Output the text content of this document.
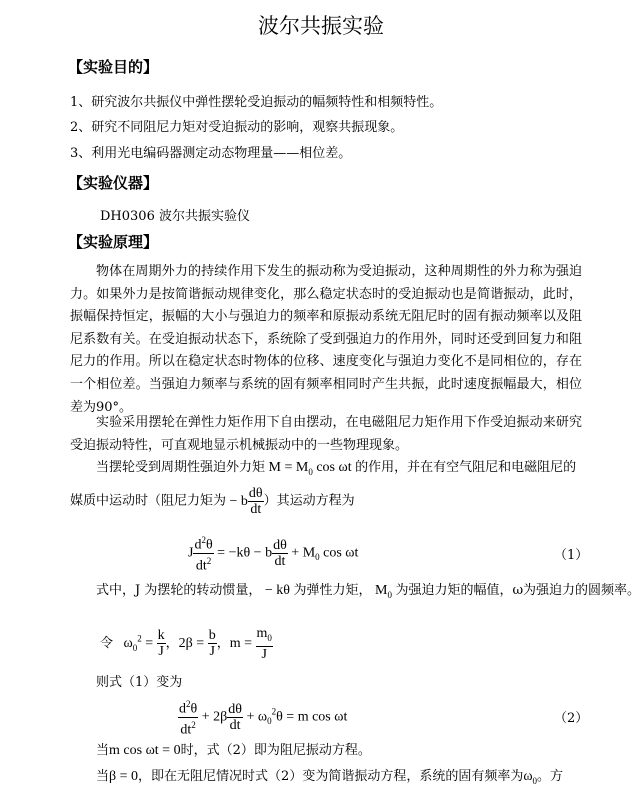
波尔共振实验
【实验目的】
1、研究波尔共振仪中弹性摆轮受迫振动的幅频特性和相频特性。
2、研究不同阻尼力矩对受迫振动的影响，观察共振现象。
3、利用光电编码器测定动态物理量——相位差。
【实验仪器】
DH0306 波尔共振实验仪
【实验原理】
物体在周期外力的持续作用下发生的振动称为受迫振动，这种周期性的外力称为强迫力。如果外力是按简谐振动规律变化，那么稳定状态时的受迫振动也是简谐振动，此时，振幅保持恒定，振幅的大小与强迫力的频率和原振动系统无阻尼时的固有振动频率以及阻尼系数有关。在受迫振动状态下，系统除了受到强迫力的作用外，同时还受到回复力和阻尼力的作用。所以在稳定状态时物体的位移、速度变化与强迫力变化不是同相位的，存在一个相位差。当强迫力频率与系统的固有频率相同时产生共振，此时速度振幅最大，相位差为90°。
实验采用摆轮在弹性力矩作用下自由摆动，在电磁阻尼力矩作用下作受迫振动来研究受迫振动特性，可直观地显示机械振动中的一些物理现象。
当摆轮受到周期性强迫外力矩 $M = M_0$ cos ωt 的作用，并在有空气阻尼和电磁阻尼的
媒质中运动时（阻尼力矩为 − b $\frac{d\theta}{dt}$ ）其运动方程为
J $\frac{d^2\theta}{dt^2} = -k\theta - b \frac{d\theta}{dt} + M_0$ cos ωt	（1）
式中，J 为摆轮的转动惯量， − kθ 为弹性力矩， $M_0$ 为强迫力矩的幅值，ω为强迫力的圆频率。
令   $\omega_0^2 = \frac{k}{J}$ ，$2\beta = \frac{b}{J}$ ，$m = \frac{m_0}{J}$
则式（1）变为
$\frac{d^2\theta}{dt^2} + 2\beta \frac{d\theta}{dt} + \omega_0^2\theta = m$ cos ωt	（2）
当m cos ωt = 0时，式（2）即为阻尼振动方程。
当β = 0，即在无阻尼情况时式（2）变为简谐振动方程，系统的固有频率为$\omega_0$。方
